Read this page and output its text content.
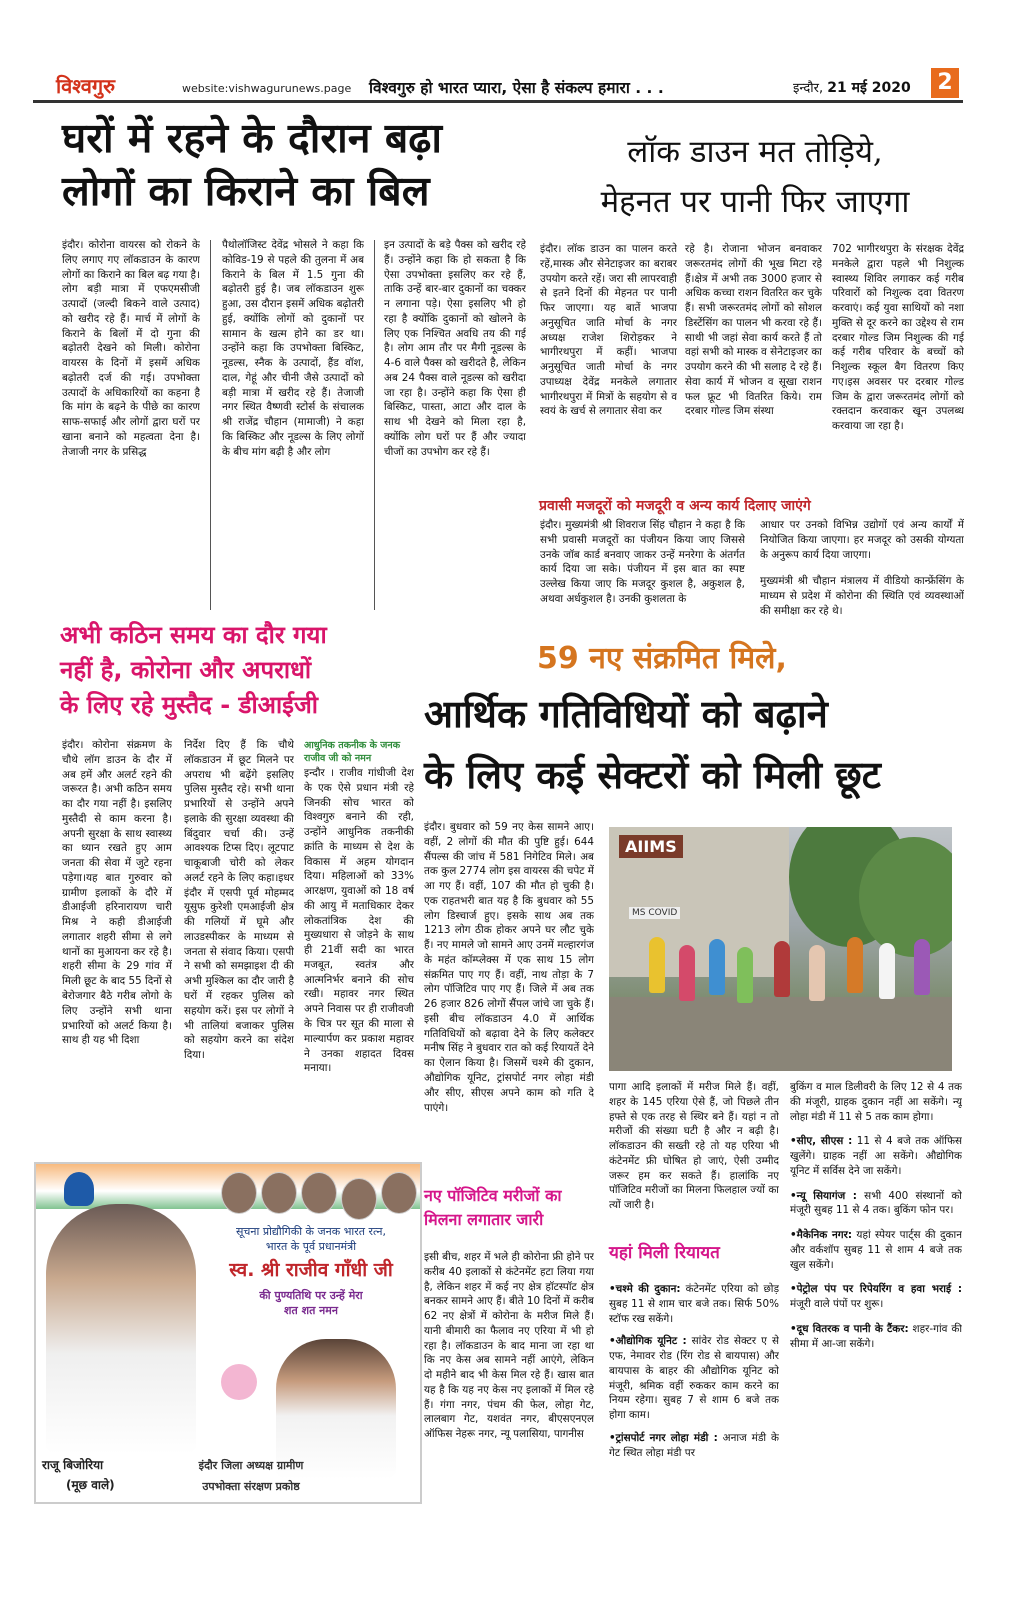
विश्वगुरु	website:vishwagurunews.page विश्वगुरु हो भारत प्यारा, ऐसा है संकल्प हमारा . . .	इन्दौर, 21 मई 2020 2
घरों में रहने के दौरान बढ़ा
लोगों का किराने का बिल
इंदौर। कोरोना वायरस को रोकने के लिए लगाए गए लॉकडाउन के कारण लोगों का किराने का बिल बढ़ गया है। लोग बड़ी मात्रा में एफएमसीजी उत्पादों (जल्दी बिकने वाले उत्पाद) को खरीद रहे हैं। मार्च में लोगों के किराने के बिलों में दो गुना की बढ़ोतरी देखने को मिली। कोरोना वायरस के दिनों में इसमें अधिक बढ़ोतरी दर्ज की गई। उपभोक्ता उत्पादों के अधिकारियों का कहना है कि मांग के बढ़ने के पीछे का कारण साफ-सफाई और लोगों द्वारा घरों पर खाना बनाने को महत्वता देना है। तेजाजी नगर के प्रसिद्ध
पैथोलॉजिस्ट देवेंद्र भोसले ने कहा कि कोविड-19 से पहले की तुलना में अब किराने के बिल में 1.5 गुना की बढ़ोतरी हुई है। जब लॉकडाउन शुरू हुआ, उस दौरान इसमें अधिक बढ़ोतरी हुई, क्योंकि लोगों को दुकानों पर सामान के खत्म होने का डर था। उन्होंने कहा कि उपभोक्ता बिस्किट, नूडल्स, स्नैक के उत्पादों, हैंड वॉश, दाल, गेहूं और चीनी जैसे उत्पादों को बड़ी मात्रा में खरीद रहे हैं। तेजाजी नगर स्थित वैष्णवी स्टोर्स के संचालक श्री राजेंद्र चौहान (मामाजी) ने कहा कि बिस्किट और नूडल्स के लिए लोगों के बीच मांग बढ़ी है और लोग
इन उत्पादों के बड़े पैक्स को खरीद रहे हैं। उन्होंने कहा कि हो सकता है कि ऐसा उपभोक्ता इसलिए कर रहे हैं, ताकि उन्हें बार-बार दुकानों का चक्कर न लगाना पड़े। ऐसा इसलिए भी हो रहा है क्योंकि दुकानों को खोलने के लिए एक निश्चित अवधि तय की गई है। लोग आम तौर पर मैगी नूडल्स के 4-6 वाले पैक्स को खरीदते है, लेकिन अब 24 पैक्स वाले नूडल्स को खरीदा जा रहा है। उन्होंने कहा कि ऐसा ही बिस्किट, पास्ता, आटा और दाल के साथ भी देखने को मिला रहा है, क्योंकि लोग घरों पर हैं और ज्यादा चीजों का उपभोग कर रहे हैं।
लॉक डाउन मत तोड़िये,
मेहनत पर पानी फिर जाएगा
इंदौर। लॉक डाउन का पालन करते रहें,मास्क और सेनेटाइजर का बराबर उपयोग करते रहें। जरा सी लापरवाही से इतने दिनों की मेहनत पर पानी फिर जाएगा। यह बातें भाजपा अनुसूचित जाति मोर्चा के नगर अध्यक्ष राजेश शिरोड़कर ने भागीरथपुरा में कहीं। भाजपा अनुसूचित जाती मोर्चा के नगर उपाध्यक्ष देवेंद्र मनकेले लगातार भागीरथपुरा में मित्रों के सहयोग से व स्वयं के खर्च से लगातार सेवा कर
रहे है। रोजाना भोजन बनवाकर जरूरतमंद लोगों की भूख मिटा रहे हैं।क्षेत्र में अभी तक 3000 हजार से अधिक कच्चा राशन वितरित कर चुके हैं। सभी जरूरतमंद लोगों को सोशल डिस्टेंसिंग का पालन भी करवा रहे हैं। साथी भी जहां सेवा कार्य करते हैं तो वहां सभी को मास्क व सेनेटाइजर का उपयोग करने की भी सलाह दे रहे हैं। सेवा कार्य में भोजन व सूखा राशन फल फ्रूट भी वितरित किये। राम दरबार गोल्ड जिम संस्था
702 भागीरथपुरा के संरक्षक देवेंद्र मनकेले द्वारा पहले भी निशुल्क स्वास्थ्य शिविर लगाकर कई गरीब परिवारों को निशुल्क दवा वितरण करवाएं। कई युवा साथियों को नशा मुक्ति से दूर करने का उद्देश्य से राम दरबार गोल्ड जिम निशुल्क की गई कई गरीब परिवार के बच्चों को निशुल्क स्कूल बैग वितरण किए गए।इस अवसर पर दरबार गोल्ड जिम के द्वारा जरूरतमंद लोगों को रक्तदान करवाकर खून उपलब्ध करवाया जा रहा है।
प्रवासी मजदूरों को मजदूरी व अन्य कार्य दिलाए जाएंगे
इंदौर। मुख्यमंत्री श्री शिवराज सिंह चौहान ने कहा है कि सभी प्रवासी मजदूरों का पंजीयन किया जाए जिससे उनके जॉब कार्ड बनवाए जाकर उन्हें मनरेगा के अंतर्गत कार्य दिया जा सके। पंजीयन में इस बात का स्पष्ट उल्लेख किया जाए कि मजदूर कुशल है, अकुशल है, अथवा अर्धकुशल है। उनकी कुशलता के

आधार पर उनको विभिन्न उद्योगों एवं अन्य कार्यों में नियोजित किया जाएगा। हर मजदूर को उसकी योग्यता के अनुरूप कार्य दिया जाएगा।

मुख्यमंत्री श्री चौहान मंत्रालय में वीडियो कान्फ्रेंसिंग के माध्यम से प्रदेश में कोरोना की स्थिति एवं व्यवस्थाओं की समीक्षा कर रहे थे।

अभी कठिन समय का दौर गया
नहीं है, कोरोना और अपराधों
के लिए रहे मुस्तैद - डीआईजी
इंदौर। कोरोना संक्रमण के चौथे लॉग डाउन के दौर में अब हमें और अलर्ट रहने की जरूरत है। अभी कठिन समय का दौर गया नहीं है। इसलिए मुस्तैदी से काम करना है। अपनी सुरक्षा के साथ स्वास्थ्य का ध्यान रखते हुए आम जनता की सेवा में जुटे रहना पड़ेगा।यह बात गुरुवार को ग्रामीण इलाकों के दौरे में डीआईजी हरिनारायण चारी मिश्र ने कही डीआईजी लगातार शहरी सीमा से लगे थानों का मुआयना कर रहे है। शहरी सीमा के 29 गांव में मिली छूट के बाद 55 दिनों से बेरोजगार बैठे गरीब लोगो के लिए उन्होंने सभी थाना प्रभारियों को अलर्ट किया है। साथ ही यह भी दिशा
निर्देश दिए हैं कि चौथे लॉकडाउन में छूट मिलने पर अपराध भी बढ़ेंगे इसलिए पुलिस मुस्तैद रहे। सभी थाना प्रभारियों से उन्होंने अपने इलाके की सुरक्षा व्यवस्था की बिंदुवार चर्चा की। उन्हें आवश्यक टिप्स दिए। लूटपाट चाकूबाजी चोरी को लेकर अलर्ट रहने के लिए कहा।इधर इंदौर में एसपी पूर्व मोहम्मद यूसुफ कुरेशी एमआईजी क्षेत्र की गलियों में घूमे और लाउडस्पीकर के माध्यम से जनता से संवाद किया। एसपी ने सभी को समझाइश दी की अभी मुश्किल का दौर जारी है घरों में रहकर पुलिस को सहयोग करें। इस पर लोगों ने भी तालियां बजाकर पुलिस को सहयोग करने का संदेश दिया।
आधुनिक तकनीक के जनक राजीव जी को नमन
इन्दौर । राजीव गांधीजी देश के एक ऐसे प्रधान मंत्री रहे जिनकी सोच भारत को विश्वगुरु बनाने की रही, उन्होंने आधुनिक तकनीकी क्रांति के माध्यम से देश के विकास में अहम योगदान दिया। महिलाओं को 33% आरक्षण, युवाओं को 18 वर्ष की आयु में मताधिकार देकर लोकतांत्रिक देश की मुख्यधारा से जोड़ने के साथ ही 21वीं सदी का भारत मजबूत, स्वतंत्र और आत्मनिर्भर बनाने की सोच रखी। महावर नगर स्थित अपने निवास पर ही राजीवजी के चित्र पर सूत की माला से माल्यार्पण कर प्रकाश महावर ने उनका शहादत दिवस मनाया।
59 नए संक्रमित मिले,
आर्थिक गतिविधियों को बढ़ाने
के लिए कई सेक्टरों को मिली छूट
इंदौर। बुधवार को 59 नए केस सामने आए। वहीं, 2 लोगों की मौत की पुष्टि हुई। 644 सैंपल्स की जांच में 581 निगेटिव मिले। अब तक कुल 2774 लोग इस वायरस की चपेट में आ गए हैं। वहीं, 107 की मौत हो चुकी है। एक राहतभरी बात यह है कि बुधवार को 55 लोग डिस्चार्ज हुए। इसके साथ अब तक 1213 लोग ठीक होकर अपने घर लौट चुके हैं। नए मामले जो सामने आए उनमें मल्हारगंज के महंत कॉम्प्लेक्स में एक साथ 15 लोग संक्रमित पाए गए हैं। वहीं, नाथ तोड़ा के 7 लोग पॉजिटिव पाए गए हैं। जिले में अब तक 26 हजार 826 लोगों सैंपल जांचे जा चुके हैं। इसी बीच लॉकडाउन 4.0 में आर्थिक गतिविधियों को बढ़ावा देने के लिए कलेक्टर मनीष सिंह ने बुधवार रात को कई रियायतें देने का ऐलान किया है। जिसमें चश्मे की दुकान, औद्योगिक यूनिट, ट्रांसपोर्ट नगर लोहा मंडी और सीए, सीएस अपने काम को गति दे पाएंगे।
नए पॉजिटिव मरीजों का मिलना लगातार जारी
इसी बीच, शहर में भले ही कोरोना फ्री होने पर करीब 40 इलाकों से कंटेनमेंट हटा लिया गया है, लेकिन शहर में कई नए क्षेत्र हॉटस्पॉट क्षेत्र बनकर सामने आए हैं। बीते 10 दिनों में करीब 62 नए क्षेत्रों में कोरोना के मरीज मिले हैं। यानी बीमारी का फैलाव नए एरिया में भी हो रहा है। लॉकडाउन के बाद माना जा रहा था कि नए केस अब सामने नहीं आएंगे, लेकिन दो महीने बाद भी केस मिल रहे हैं। खास बात यह है कि यह नए केस नए इलाकों में मिल रहे हैं। गंगा नगर, पंचम की फेल, लोहा गेट, लालबाग गेट, यशवंत नगर, बीएसएनएल ऑफिस नेहरू नगर, न्यू पलासिया, पागनीस
AIIMS
MS COVID
पागा आदि इलाकों में मरीज मिले हैं। वहीं, शहर के 145 एरिया ऐसे हैं, जो पिछले तीन हफ्ते से एक तरह से स्थिर बने हैं। यहां न तो मरीजों की संख्या घटी है और न बढ़ी है। लॉकडाउन की सख्ती रहे तो यह एरिया भी कंटेनमेंट फ्री घोषित हो जाएं, ऐसी उम्मीद जरूर हम कर सकते हैं। हालांकि नए पॉजिटिव मरीजों का मिलना फिलहाल ज्यों का त्यों जारी है।
यहां मिली रियायत

•चश्मे की दुकान: कंटेनमेंट एरिया को छोड़ सुबह 11 से शाम चार बजे तक। सिर्फ 50% स्टॉफ रख सकेंगे।

•औद्योगिक यूनिट : सांवेर रोड सेक्टर ए से एफ, नेमावर रोड (रिंग रोड से बायपास) और बायपास के बाहर की औद्योगिक यूनिट को मंजूरी, श्रमिक वहीं रुककर काम करने का नियम रहेगा। सुबह 7 से शाम 6 बजे तक होगा काम।

•ट्रांसपोर्ट नगर लोहा मंडी : अनाज मंडी के गेट स्थित लोहा मंडी पर

बुकिंग व माल डिलीवरी के लिए 12 से 4 तक की मंजूरी, ग्राहक दुकान नहीं आ सकेंगे। न्यू लोहा मंडी में 11 से 5 तक काम होगा।

•सीए, सीएस : 11 से 4 बजे तक ऑफिस खुलेंगे। ग्राहक नहीं आ सकेंगे। औद्योगिक यूनिट में सर्विस देने जा सकेंगे।

•न्यू सियागंज : सभी 400 संस्थानों को मंजूरी सुबह 11 से 4 तक। बुकिंग फोन पर।

•मैकेनिक नगर: यहां स्पेयर पार्ट्स की दुकान और वर्कशॉप सुबह 11 से शाम 4 बजे तक खुल सकेंगे।

•पेट्रोल पंप पर रिपेयरिंग व हवा भराई : मंजूरी वाले पंपों पर शुरू।

•दूध वितरक व पानी के टैंकर: शहर-गांव की सीमा में आ-जा सकेंगे।

सूचना प्रोद्यौगिकी के जनक भारत रत्न,
भारत के पूर्व प्रधानमंत्री
स्व. श्री राजीव गाँधी जी
की पुण्यतिथि पर उन्हें मेरा
शत शत नमन
राजू बिजोरिया
(मूछ वाले)
इंदौर जिला अध्यक्ष ग्रामीण
उपभोक्ता संरक्षण प्रकोष्ठ
